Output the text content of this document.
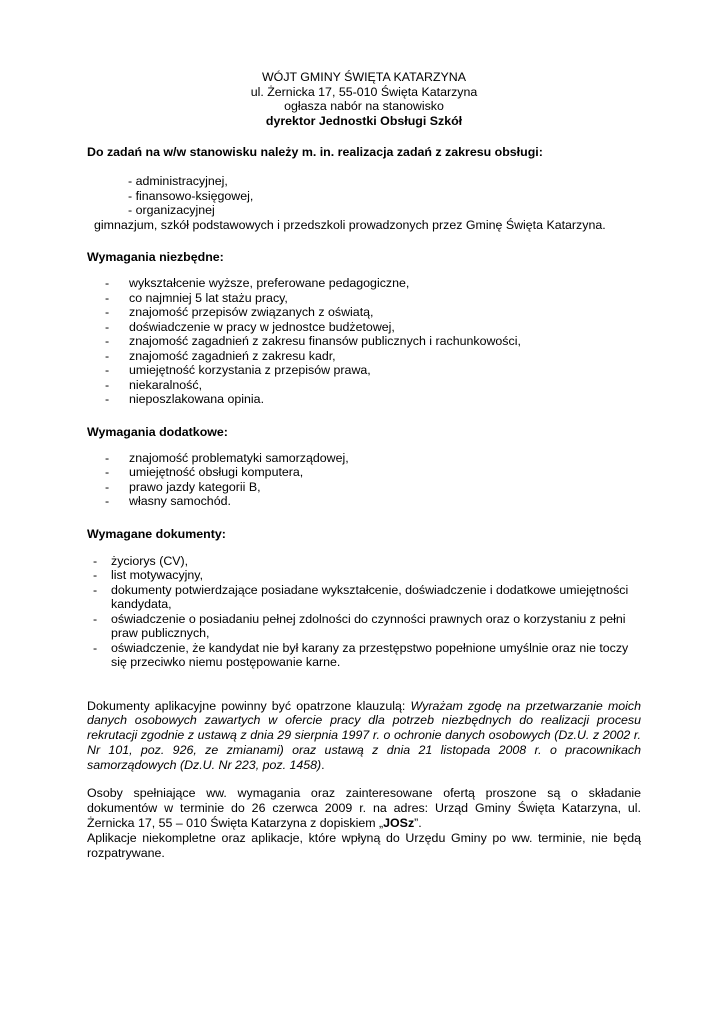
WÓJT GMINY ŚWIĘTA KATARZYNA
ul. Żernicka 17, 55-010 Święta Katarzyna
ogłasza nabór na stanowisko
dyrektor Jednostki Obsługi Szkół
Do zadań na w/w stanowisku należy m. in. realizacja zadań z zakresu obsługi:
- administracyjnej,
- finansowo-księgowej,
- organizacyjnej
gimnazjum, szkół podstawowych i przedszkoli prowadzonych przez Gminę Święta Katarzyna.
Wymagania niezbędne:
- wykształcenie wyższe, preferowane pedagogiczne,
- co najmniej 5 lat stażu pracy,
- znajomość przepisów związanych z oświatą,
- doświadczenie w pracy w jednostce budżetowej,
- znajomość zagadnień z zakresu finansów publicznych i rachunkowości,
- znajomość zagadnień z zakresu kadr,
- umiejętność korzystania z przepisów prawa,
- niekaralność,
- nieposzlakowana opinia.
Wymagania dodatkowe:
- znajomość problematyki samorządowej,
- umiejętność obsługi komputera,
- prawo jazdy kategorii B,
- własny samochód.
Wymagane dokumenty:
- życiorys (CV),
- list motywacyjny,
- dokumenty potwierdzające posiadane wykształcenie, doświadczenie i dodatkowe umiejętności kandydata,
- oświadczenie o posiadaniu pełnej zdolności do czynności prawnych oraz o korzystaniu z pełni praw publicznych,
- oświadczenie, że kandydat nie był karany za przestępstwo popełnione umyślnie oraz nie toczy się przeciwko niemu postępowanie karne.
Dokumenty aplikacyjne powinny być opatrzone klauzulą: Wyrażam zgodę na przetwarzanie moich danych osobowych zawartych w ofercie pracy dla potrzeb niezbędnych do realizacji procesu rekrutacji zgodnie z ustawą z dnia 29 sierpnia 1997 r. o ochronie danych osobowych (Dz.U. z 2002 r. Nr 101, poz. 926, ze zmianami) oraz ustawą z dnia 21 listopada 2008 r. o pracownikach samorządowych (Dz.U. Nr 223, poz. 1458).
Osoby spełniające ww. wymagania oraz zainteresowane ofertą proszone są o składanie dokumentów w terminie do 26 czerwca 2009 r. na adres: Urząd Gminy Święta Katarzyna, ul. Żernicka 17, 55 – 010 Święta Katarzyna z dopiskiem „JOSz”.
Aplikacje niekompletne oraz aplikacje, które wpłyną do Urzędu Gminy po ww. terminie, nie będą rozpatrywane.
